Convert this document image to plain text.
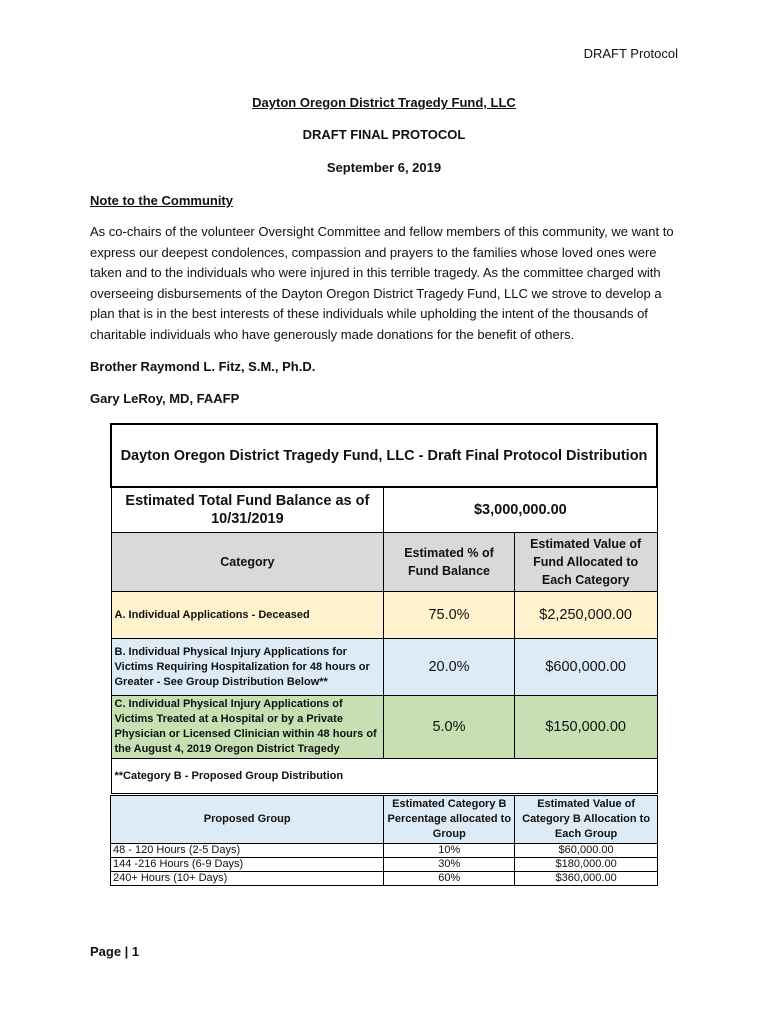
DRAFT Protocol
Dayton Oregon District Tragedy Fund, LLC
DRAFT FINAL PROTOCOL
September 6, 2019
Note to the Community
As co-chairs of the volunteer Oversight Committee and fellow members of this community, we want to express our deepest condolences, compassion and prayers to the families whose loved ones were taken and to the individuals who were injured in this terrible tragedy. As the committee charged with overseeing disbursements of the Dayton Oregon District Tragedy Fund, LLC we strove to develop a plan that is in the best interests of these individuals while upholding the intent of the thousands of charitable individuals who have generously made donations for the benefit of others.
Brother Raymond L. Fitz, S.M., Ph.D.
Gary LeRoy, MD, FAAFP
Dayton Oregon District Tragedy Fund, LLC - Draft Final Protocol Distribution		
Estimated Total Fund Balance as of 10/31/2019	$3,000,000.00	
Category	Estimated % of Fund Balance	Estimated Value of Fund Allocated to Each Category
A. Individual Applications - Deceased	75.0%	$2,250,000.00
B. Individual Physical Injury Applications for Victims Requiring Hospitalization for 48 hours or Greater - See Group Distribution Below**	20.0%	$600,000.00
C. Individual Physical Injury Applications of Victims Treated at a Hospital or by a Private Physician or Licensed Clinician within 48 hours of the August 4, 2019 Oregon District Tragedy	5.0%	$150,000.00
**Category B - Proposed Group Distribution		
Proposed Group	Estimated Category B Percentage allocated to Group	Estimated Value of Category B Allocation to Each Group
48 - 120 Hours (2-5 Days)	10%	$60,000.00
144 -216 Hours (6-9 Days)	30%	$180,000.00
240+ Hours (10+ Days)	60%	$360,000.00
Page | 1
